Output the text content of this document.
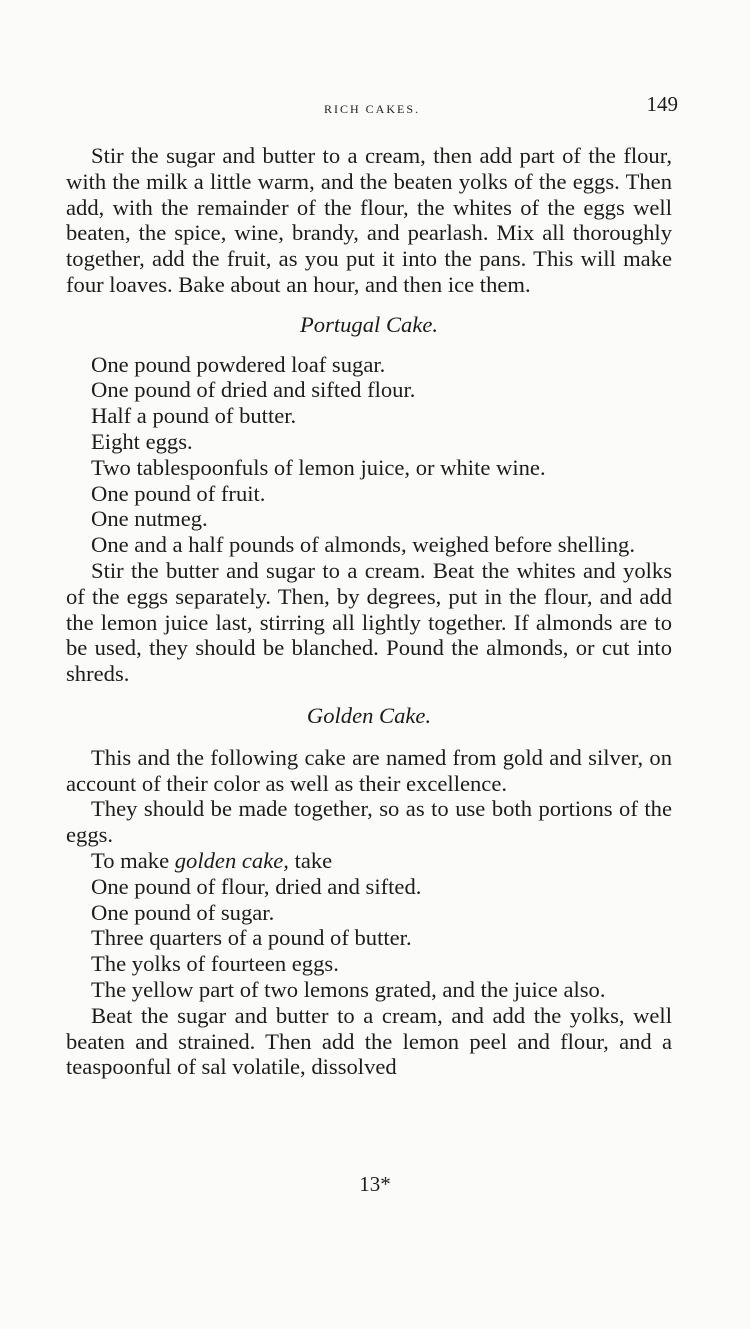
RICH CAKES.	149

Stir the sugar and butter to a cream, then add part of the flour, with the milk a little warm, and the beaten yolks of the eggs. Then add, with the remainder of the flour, the whites of the eggs well beaten, the spice, wine, brandy, and pearlash. Mix all thoroughly together, add the fruit, as you put it into the pans. This will make four loaves. Bake about an hour, and then ice them.

Portugal Cake.

One pound powdered loaf sugar.

One pound of dried and sifted flour.

Half a pound of butter.

Eight eggs.

Two tablespoonfuls of lemon juice, or white wine.

One pound of fruit.

One nutmeg.

One and a half pounds of almonds, weighed before shelling.

Stir the butter and sugar to a cream. Beat the whites and yolks of the eggs separately. Then, by degrees, put in the flour, and add the lemon juice last, stirring all lightly together. If almonds are to be used, they should be blanched. Pound the almonds, or cut into shreds.

Golden Cake.

This and the following cake are named from gold and silver, on account of their color as well as their excellence.

They should be made together, so as to use both portions of the eggs.

To make golden cake, take

One pound of flour, dried and sifted.

One pound of sugar.

Three quarters of a pound of butter.

The yolks of fourteen eggs.

The yellow part of two lemons grated, and the juice also.

Beat the sugar and butter to a cream, and add the yolks, well beaten and strained. Then add the lemon peel and flour, and a teaspoonful of sal volatile, dissolved

13*
